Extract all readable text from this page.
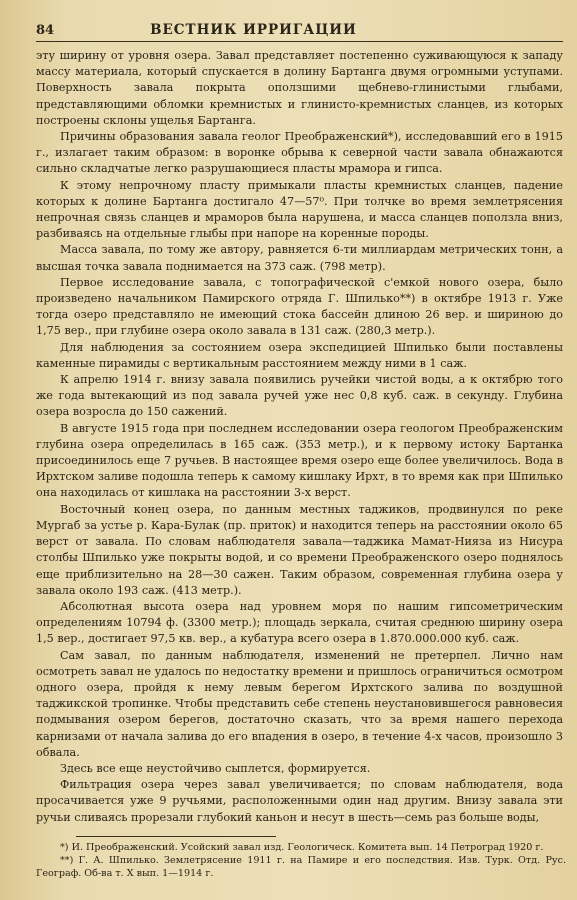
84	ВЕСТНИК ИРРИГАЦИИ

эту ширину от уровня озера. Завал представляет постепенно суживающуюся к западу массу материала, который спускается в долину Бартанга двумя огромными уступами. Поверхность завала покрыта оползшими щебнево-глинистыми глыбами, представляющими обломки кремнистых и глинисто-кремнистых сланцев, из которых построены склоны ущелья Бартанга.

Причины образования завала геолог Преображенский*), исследовавший его в 1915 г., излагает таким образом: в воронке обрыва к северной части завала обнажаются сильно складчатые легко разрушающиеся пласты мрамора и гипса.

К этому непрочному пласту примыкали пласты кремнистых сланцев, падение которых к долине Бартанга достигало 47—57⁰. При толчке во время землетрясения непрочная связь сланцев и мраморов была нарушена, и масса сланцев поползла вниз, разбиваясь на отдельные глыбы при напоре на коренные породы.

Масса завала, по тому же автору, равняется 6-ти миллиардам метрических тонн, а высшая точка завала поднимается на 373 саж. (798 метр).

Первое исследование завала, с топографической с'емкой нового озера, было произведено начальником Памирского отряда Г. Шпилько**) в октябре 1913 г. Уже тогда озеро представляло не имеющий стока бассейн длиною 26 вер. и шириною до 1,75 вер., при глубине озера около завала в 131 саж. (280,3 метр.).

Для наблюдения за состоянием озера экспедицией Шпилько были поставлены каменные пирамиды с вертикальным расстоянием между ними в 1 саж.

К апрелю 1914 г. внизу завала появились ручейки чистой воды, а к октябрю того же года вытекающий из под завала ручей уже нес 0,8 куб. саж. в секунду. Глубина озера возросла до 150 сажений.

В августе 1915 года при последнем исследовании озера геологом Преображенским глубина озера определилась в 165 саж. (353 метр.), и к первому истоку Бартанка присоединилось еще 7 ручьев. В настоящее время озеро еще более увеличилось. Вода в Ирхтском заливе подошла теперь к самому кишлаку Ирхт, в то время как при Шпилько она находилась от кишлака на расстоянии 3-х верст.

Восточный конец озера, по данным местных таджиков, продвинулся по реке Мургаб за устье р. Кара-Булак (пр. приток) и находится теперь на расстоянии около 65 верст от завала. По словам наблюдателя завала—таджика Мамат-Нияза из Нисура столбы Шпилько уже покрыты водой, и со времени Преображенского озеро поднялось еще приблизительно на 28—30 сажен. Таким образом, современная глубина озера у завала около 193 саж. (413 метр.).

Абсолютная высота озера над уровнем моря по нашим гипсометрическим определениям 10794 ф. (3300 метр.); площадь зеркала, считая среднюю ширину озера 1,5 вер., достигает 97,5 кв. вер., а кубатура всего озера в 1.870.000.000 куб. саж.

Сам завал, по данным наблюдателя, изменений не претерпел. Лично нам осмотреть завал не удалось по недостатку времени и пришлось ограничиться осмотром одного озера, пройдя к нему левым берегом Ирхтского залива по воздушной таджикской тропинке. Чтобы представить себе степень неустановившегося равновесия подмывания озером берегов, достаточно сказать, что за время нашего перехода карнизами от начала залива до его впадения в озеро, в течение 4-х часов, произошло 3 обвала.

Здесь все еще неустойчиво сыплется, формируется.

Фильтрация озера через завал увеличивается; по словам наблюдателя, вода просачивается уже 9 ручьями, расположенными один над другим. Внизу завала эти ручьи сливаясь прорезали глубокий каньон и несут в шесть—семь раз больше воды,

*) И. Преображенский. Усойский завал изд. Геологическ. Комитета вып. 14 Петроград 1920 г.

**) Г. А. Шпилько. Землетрясение 1911 г. на Памире и его последствия. Изв. Турк. Отд. Рус. Географ. Об-ва т. Х вып. 1—1914 г.
